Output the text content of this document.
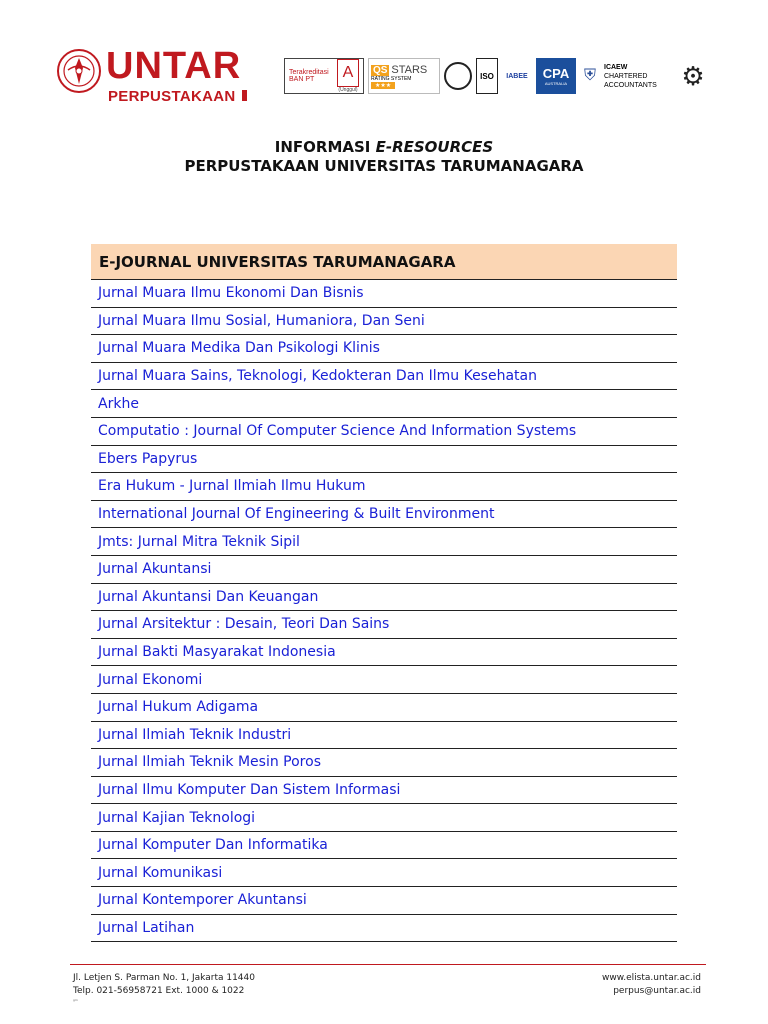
UNTAR
PERPUSTAKAAN
Terakreditasi BAN PT	A
(Unggul)
QS STARS
RATING SYSTEM
★★★
ISO	IABEE	CPA
AUSTRALIA ⛨	ICAEW
CHARTERED
ACCOUNTANTS ⚙
INFORMASI E-RESOURCES
PERPUSTAKAAN UNIVERSITAS TARUMANAGARA
E-JOURNAL UNIVERSITAS TARUMANAGARA
Jurnal Muara Ilmu Ekonomi Dan Bisnis
Jurnal Muara Ilmu Sosial, Humaniora, Dan Seni
Jurnal Muara Medika Dan Psikologi Klinis
Jurnal Muara Sains, Teknologi, Kedokteran Dan Ilmu Kesehatan
Arkhe
Computatio : Journal Of Computer Science And Information Systems
Ebers Papyrus
Era Hukum - Jurnal Ilmiah Ilmu Hukum
International Journal Of Engineering & Built Environment
Jmts: Jurnal Mitra Teknik Sipil
Jurnal Akuntansi
Jurnal Akuntansi Dan Keuangan
Jurnal Arsitektur : Desain, Teori Dan Sains
Jurnal Bakti Masyarakat Indonesia
Jurnal Ekonomi
Jurnal Hukum Adigama
Jurnal Ilmiah Teknik Industri
Jurnal Ilmiah Teknik Mesin Poros
Jurnal Ilmu Komputer Dan Sistem Informasi
Jurnal Kajian Teknologi
Jurnal Komputer Dan Informatika
Jurnal Komunikasi
Jurnal Kontemporer Akuntansi
Jurnal Latihan
Jl. Letjen S. Parman No. 1, Jakarta 11440
Telp. 021-56958721 Ext. 1000 & 1022
www.elista.untar.ac.id
perpus@untar.ac.id
gm
